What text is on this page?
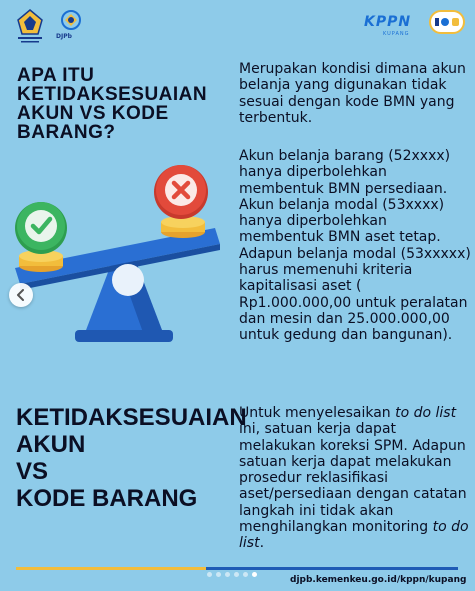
DJPb
KPPN
KUPANG
APA ITU KETIDAKSESUAIAN AKUN VS KODE BARANG?
Merupakan kondisi dimana akun belanja yang digunakan tidak sesuai dengan kode BMN yang terbentuk.
Akun belanja barang (52xxxx) hanya diperbolehkan membentuk BMN persediaan. Akun belanja modal (53xxxx) hanya diperbolehkan membentuk BMN aset tetap. Adapun belanja modal (53xxxxx) harus memenuhi kriteria kapitalisasi aset ( Rp1.000.000,00 untuk peralatan dan mesin dan 25.000.000,00 untuk gedung dan bangunan).
Untuk menyelesaikan to do list ini, satuan kerja dapat melakukan koreksi SPM. Adapun satuan kerja dapat melakukan prosedur reklasifikasi aset/persediaan dengan catatan langkah ini tidak akan menghilangkan monitoring to do list.
KETIDAKSESUAIAN
AKUN
VS
KODE BARANG
djpb.kemenkeu.go.id/kppn/kupang
